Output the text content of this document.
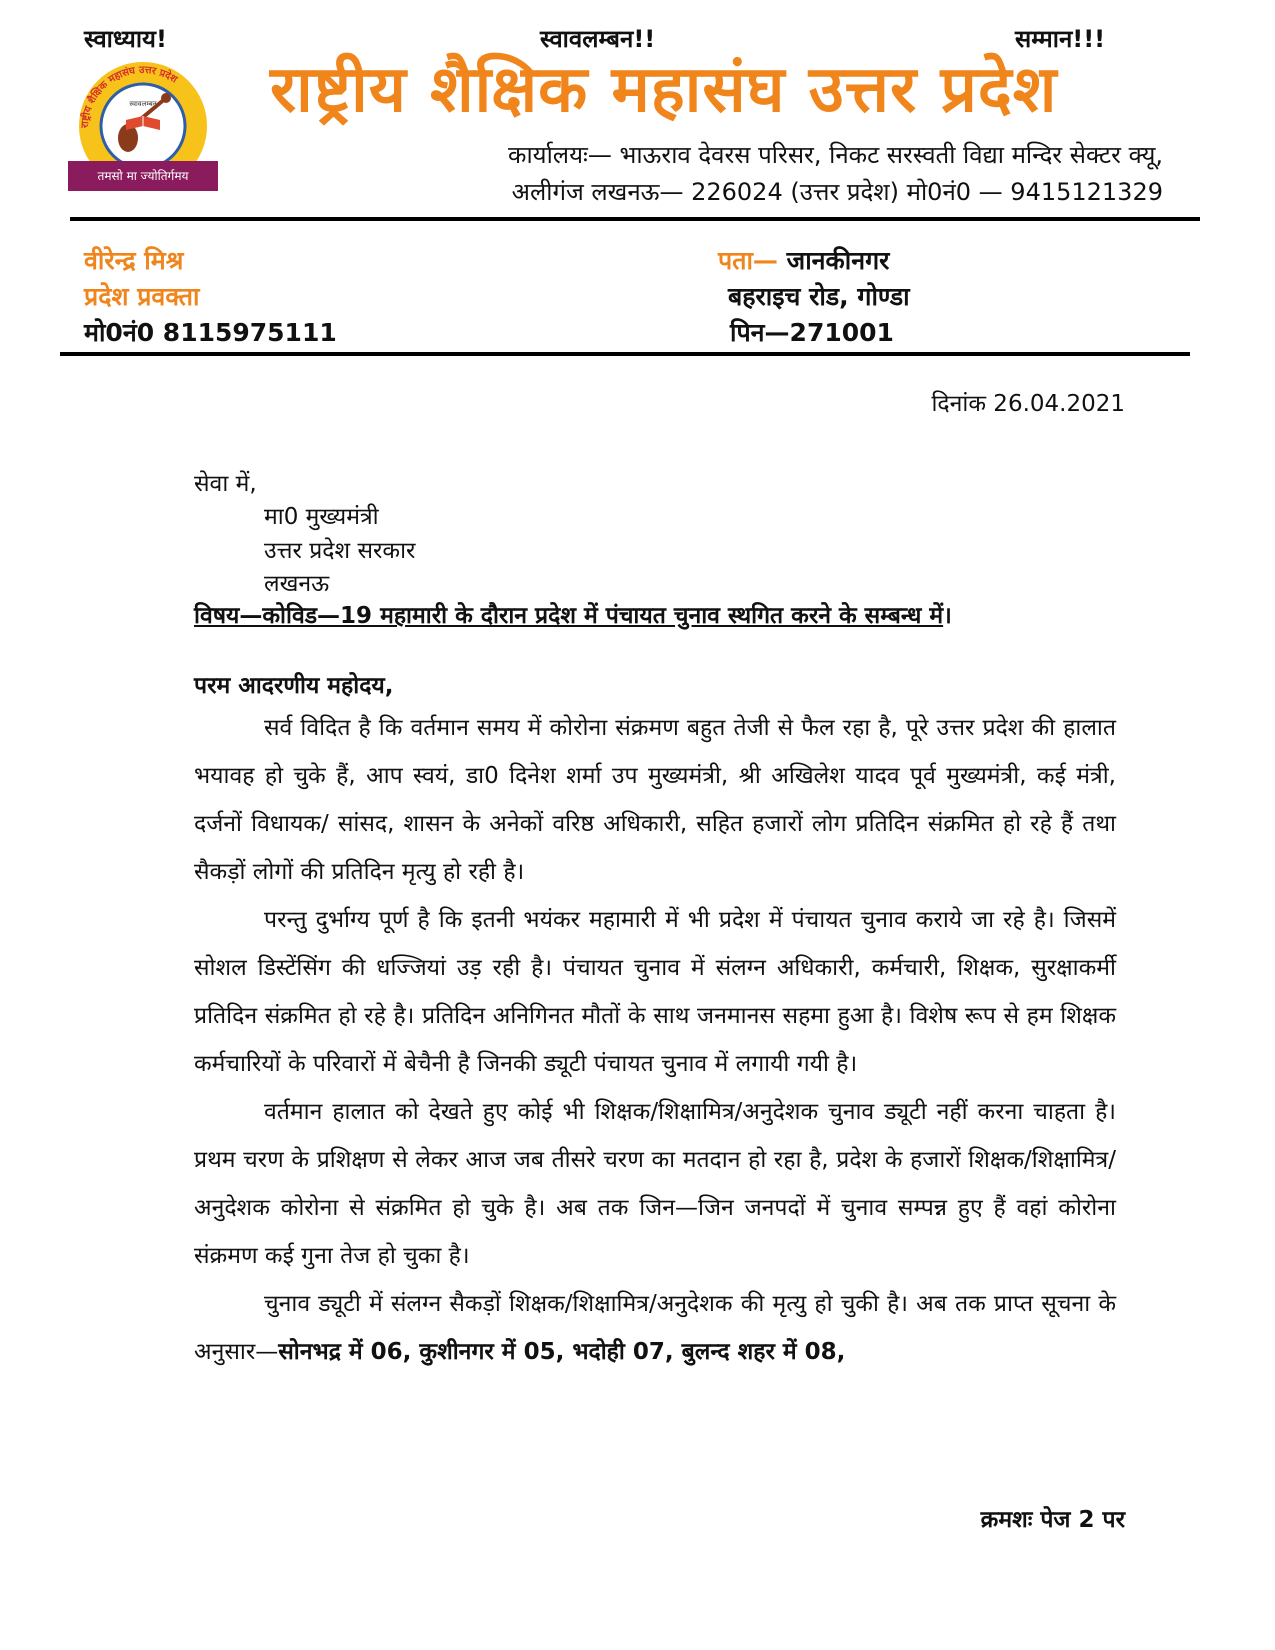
स्वाध्याय!	स्वावलम्बन!!	सम्मान!!!
राष्ट्रीय शैक्षिक महासंघ उत्तर प्रदेश
स्वावलम्बन
तमसो मा ज्योतिर्गमय
राष्ट्रीय शैक्षिक महासंघ उत्तर प्रदेश
कार्यालयः— भाऊराव देवरस परिसर, निकट सरस्वती विद्या मन्दिर सेक्टर क्यू,
अलीगंज लखनऊ— 226024 (उत्तर प्रदेश) मो0नं0 — 9415121329
वीरेन्द्र मिश्र
प्रदेश प्रवक्ता
मो0नं0 8115975111
पता— जानकीनगर
बहराइच रोड, गोण्डा
पिन—271001
दिनांक 26.04.2021
सेवा में,
मा0 मुख्यमंत्री
उत्तर प्रदेश सरकार
लखनऊ
विषय—कोविड—19 महामारी के दौरान प्रदेश में पंचायत चुनाव स्थगित करने के सम्बन्ध में।
परम आदरणीय महोदय,

सर्व विदित है कि वर्तमान समय में कोरोना संक्रमण बहुत तेजी से फैल रहा है, पूरे उत्तर प्रदेश की हालात भयावह हो चुके हैं, आप स्वयं, डा0 दिनेश शर्मा उप मुख्यमंत्री, श्री अखिलेश यादव पूर्व मुख्यमंत्री, कई मंत्री, दर्जनों विधायक/ सांसद, शासन के अनेकों वरिष्ठ अधिकारी, सहित हजारों लोग प्रतिदिन संक्रमित हो रहे हैं तथा सैकड़ों लोगों की प्रतिदिन मृत्यु हो रही है।

परन्तु दुर्भाग्य पूर्ण है कि इतनी भयंकर महामारी में भी प्रदेश में पंचायत चुनाव कराये जा रहे है। जिसमें सोशल डिस्टेंसिंग की धज्जियां उड़ रही है। पंचायत चुनाव में संलग्न अधिकारी, कर्मचारी, शिक्षक, सुरक्षाकर्मी प्रतिदिन संक्रमित हो रहे है। प्रतिदिन अनिगिनत मौतों के साथ जनमानस सहमा हुआ है। विशेष रूप से हम शिक्षक कर्मचारियों के परिवारों में बेचैनी है जिनकी ड्यूटी पंचायत चुनाव में लगायी गयी है।

वर्तमान हालात को देखते हुए कोई भी शिक्षक/शिक्षामित्र/अनुदेशक चुनाव ड्यूटी नहीं करना चाहता है। प्रथम चरण के प्रशिक्षण से लेकर आज जब तीसरे चरण का मतदान हो रहा है, प्रदेश के हजारों शिक्षक/शिक्षामित्र/अनुदेशक कोरोना से संक्रमित हो चुके है। अब तक जिन—जिन जनपदों में चुनाव सम्पन्न हुए हैं वहां कोरोना संक्रमण कई गुना तेज हो चुका है।

चुनाव ड्यूटी में संलग्न सैकड़ों शिक्षक/शिक्षामित्र/अनुदेशक की मृत्यु हो चुकी है। अब तक प्राप्त सूचना के अनुसार—सोनभद्र में 06, कुशीनगर में 05, भदोही 07, बुलन्द शहर में 08,

क्रमशः पेज 2 पर
